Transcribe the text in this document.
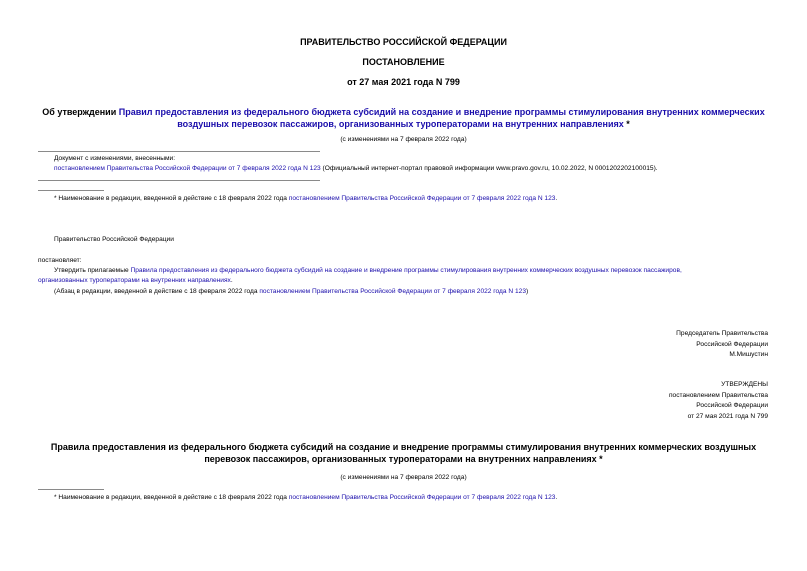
ПРАВИТЕЛЬСТВО РОССИЙСКОЙ ФЕДЕРАЦИИ
ПОСТАНОВЛЕНИЕ
от 27 мая 2021 года N 799
Об утверждении Правил предоставления из федерального бюджета субсидий на создание и внедрение программы стимулирования внутренних коммерческих
воздушных перевозок пассажиров, организованных туроператорами на внутренних направлениях *
(с изменениями на 7 февраля 2022 года)
Документ с изменениями, внесенными:
постановлением Правительства Российской Федерации от 7 февраля 2022 года N 123 (Официальный интернет-портал правовой информации www.pravo.gov.ru, 10.02.2022, N 0001202202100015).
* Наименование в редакции, введенной в действие с 18 февраля 2022 года постановлением Правительства Российской Федерации от 7 февраля 2022 года N 123.
Правительство Российской Федерации
постановляет:
Утвердить прилагаемые Правила предоставления из федерального бюджета субсидий на создание и внедрение программы стимулирования внутренних коммерческих воздушных перевозок пассажиров,
организованных туроператорами на внутренних направлениях.
(Абзац в редакции, введенной в действие с 18 февраля 2022 года постановлением Правительства Российской Федерации от 7 февраля 2022 года N 123)
Председатель Правительства
Российской Федерации
М.Мишустин
УТВЕРЖДЕНЫ
постановлением Правительства
Российской Федерации
от 27 мая 2021 года N 799
Правила предоставления из федерального бюджета субсидий на создание и внедрение программы стимулирования внутренних коммерческих воздушных
перевозок пассажиров, организованных туроператорами на внутренних направлениях *
(с изменениями на 7 февраля 2022 года)
* Наименование в редакции, введенной в действие с 18 февраля 2022 года постановлением Правительства Российской Федерации от 7 февраля 2022 года N 123.
